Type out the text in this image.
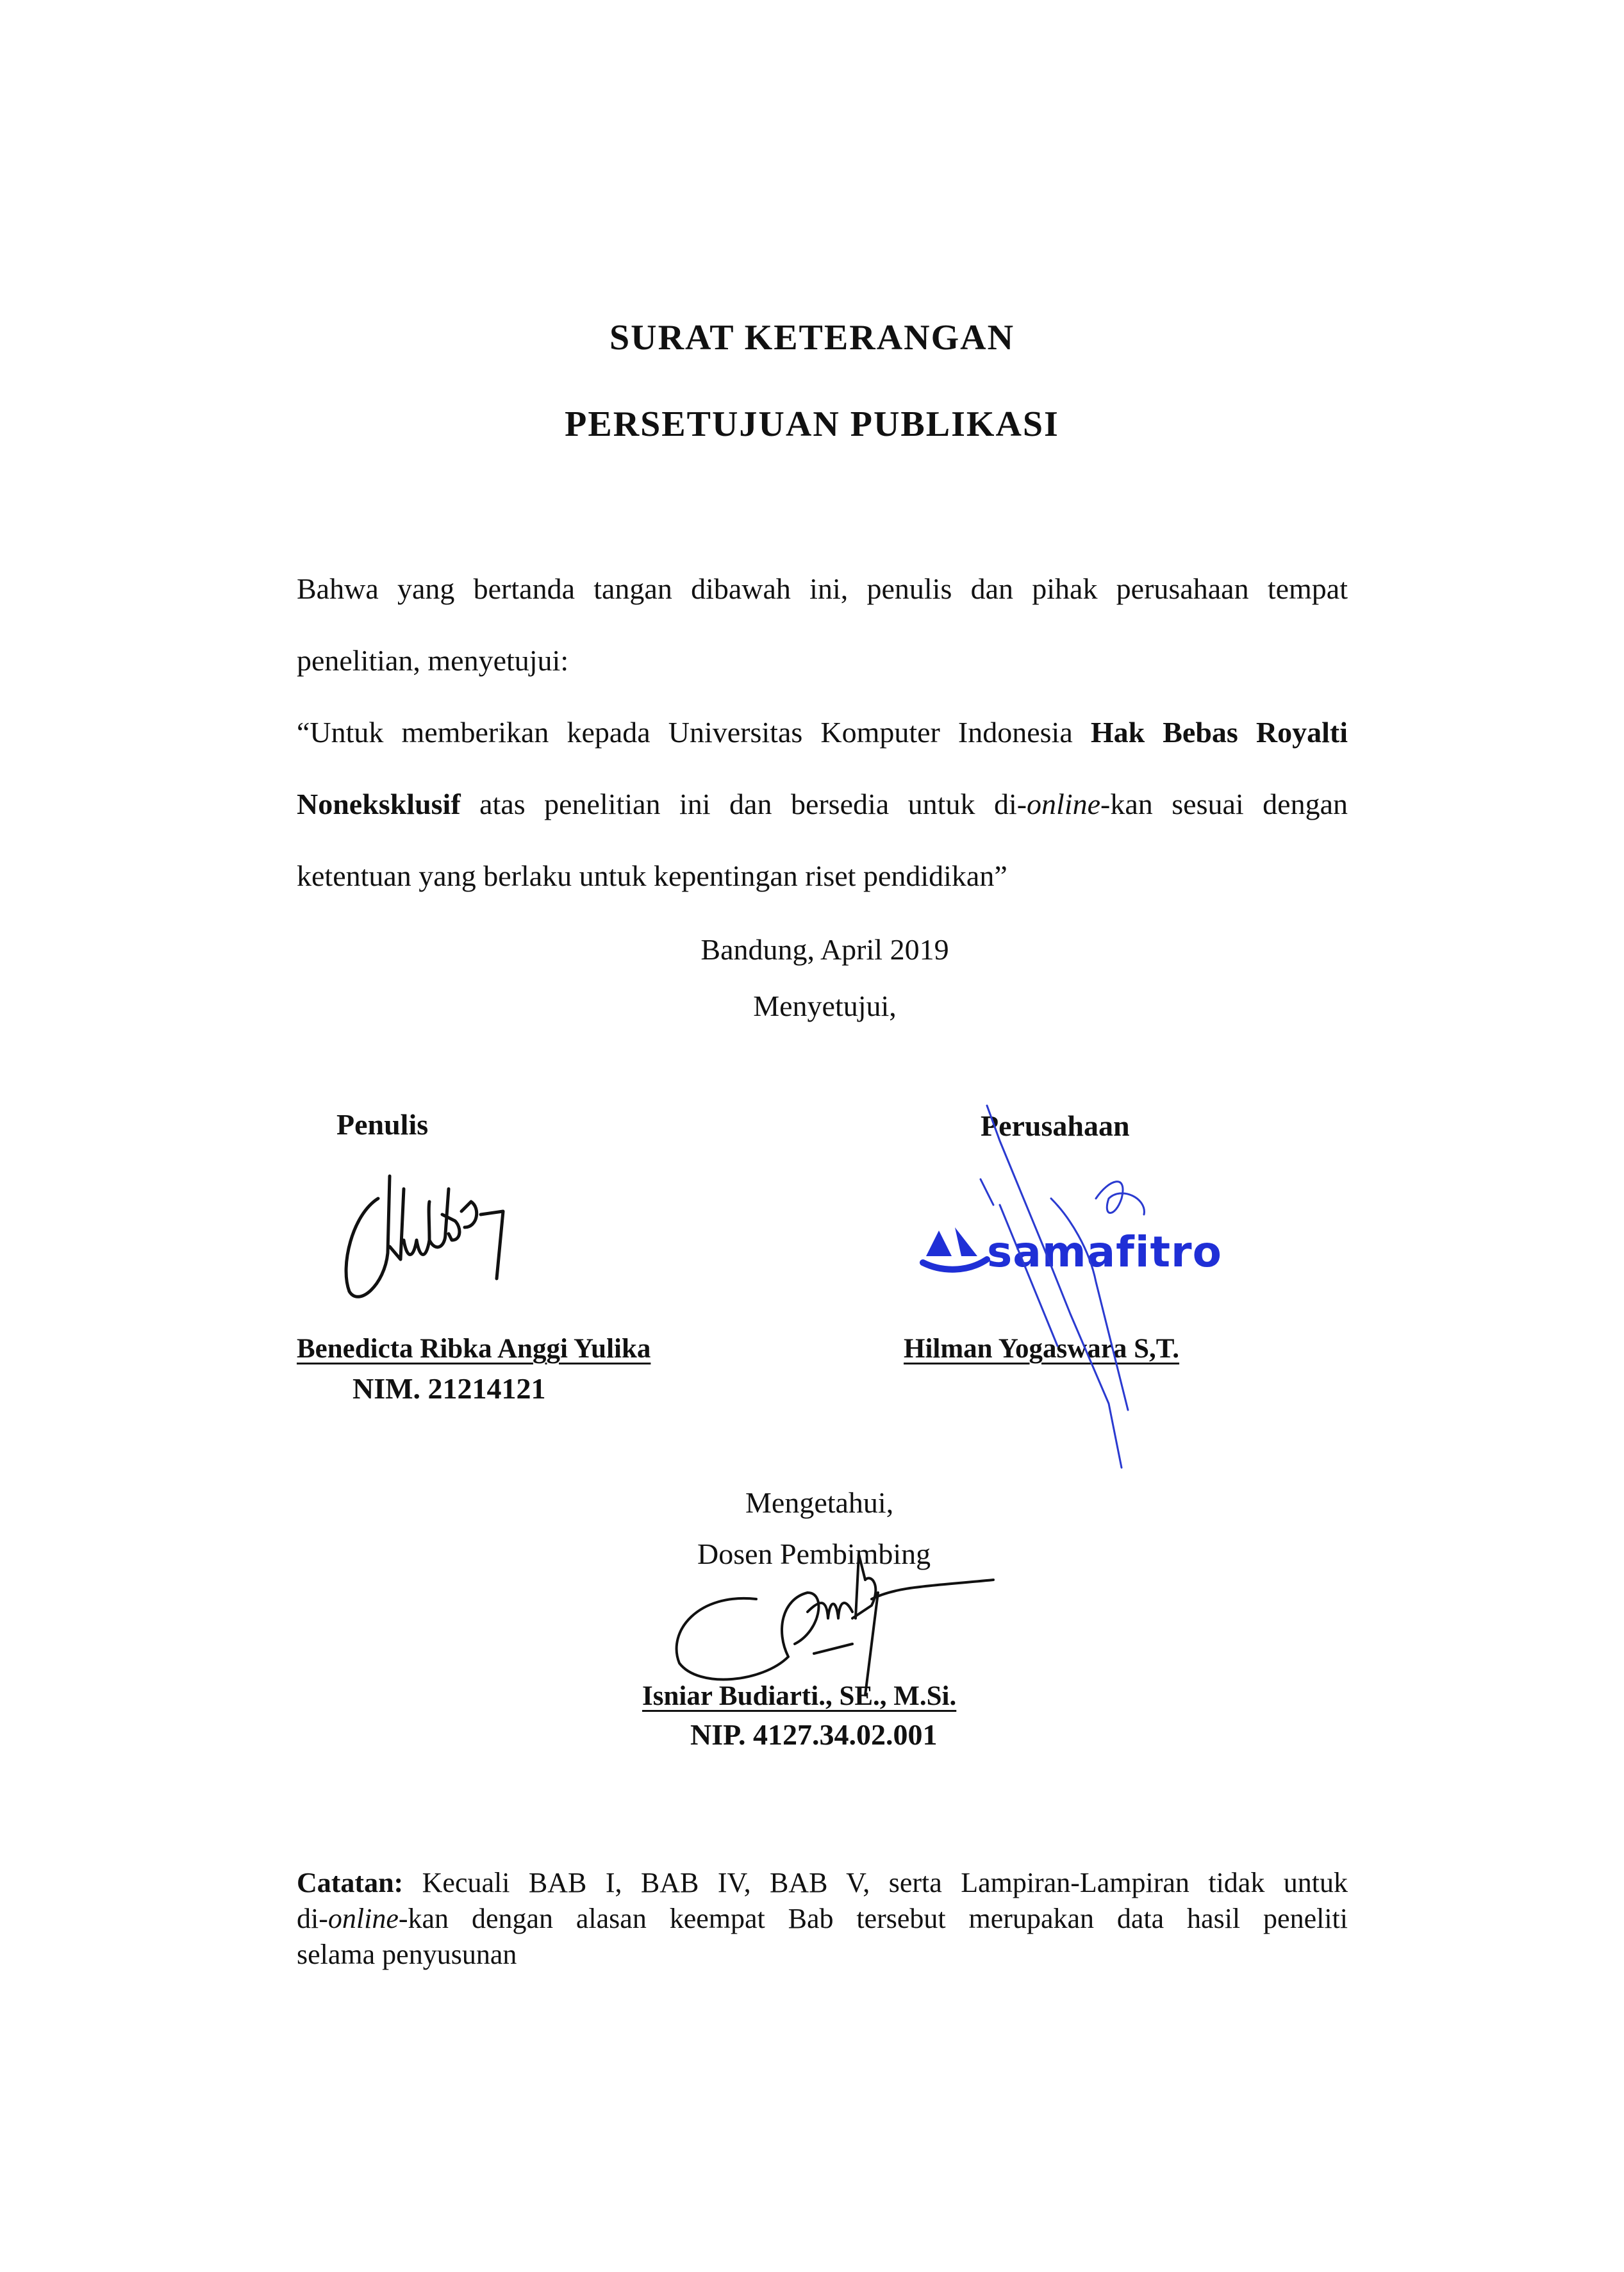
SURAT KETERANGAN
PERSETUJUAN PUBLIKASI
Bahwa yang bertanda tangan dibawah ini, penulis dan pihak perusahaan tempat
penelitian, menyetujui:
“Untuk memberikan kepada Universitas Komputer Indonesia Hak Bebas Royalti
Noneksklusif atas penelitian ini dan bersedia untuk di-online-kan sesuai dengan
ketentuan yang berlaku untuk kepentingan riset pendidikan”
Bandung, April 2019
Menyetujui,
Penulis
Benedicta Ribka Anggi Yulika
NIM. 21214121
Perusahaan
samafitro
Hilman Yogaswara S,T.
Mengetahui,
Dosen Pembimbing
Isniar Budiarti., SE., M.Si.
NIP. 4127.34.02.001
Catatan: Kecuali BAB I, BAB IV, BAB V, serta Lampiran-Lampiran tidak untuk
di-online-kan dengan alasan keempat Bab tersebut merupakan data hasil peneliti
selama penyusunan
